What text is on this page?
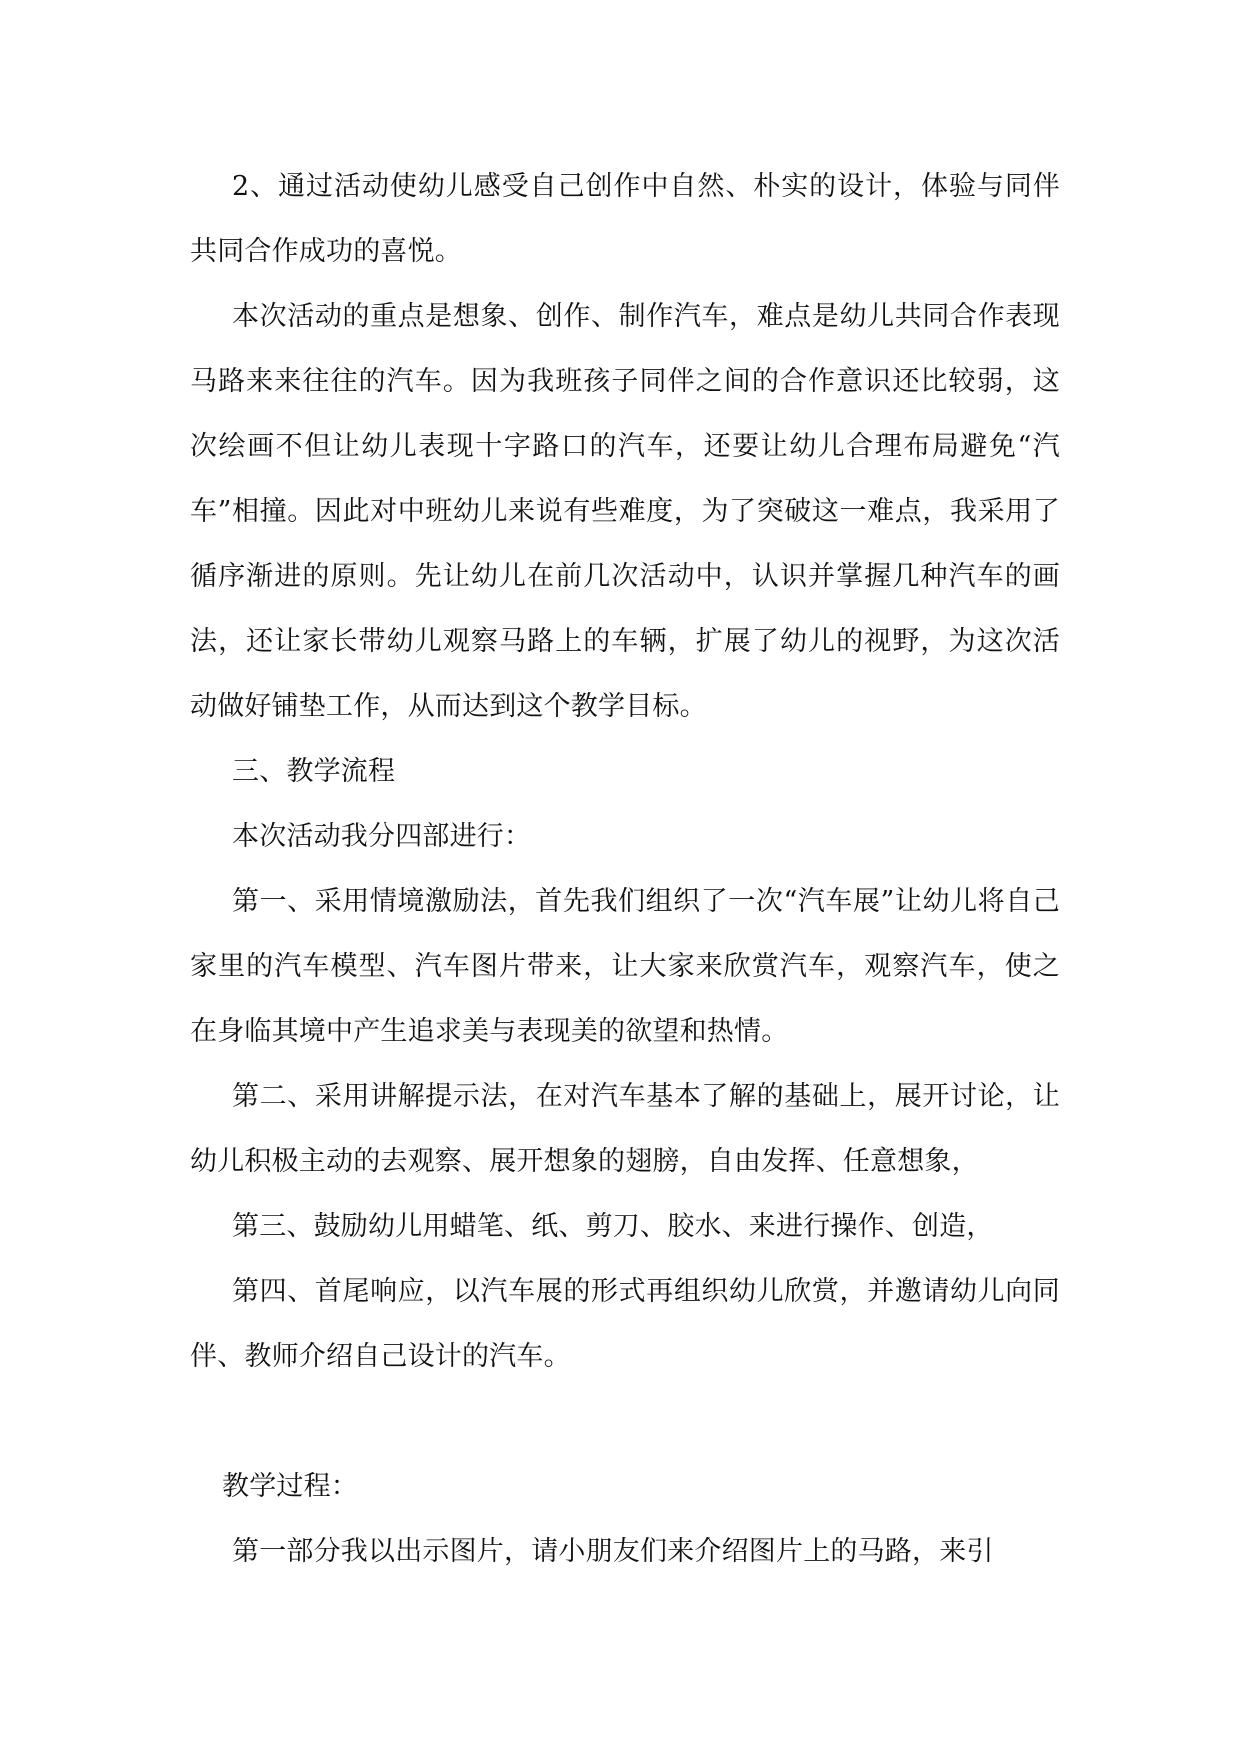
2、通过活动使幼儿感受自己创作中自然、朴实的设计，体验与同伴共同合作成功的喜悦。

本次活动的重点是想象、创作、制作汽车，难点是幼儿共同合作表现马路来来往往的汽车。因为我班孩子同伴之间的合作意识还比较弱，这次绘画不但让幼儿表现十字路口的汽车，还要让幼儿合理布局避免“汽车”相撞。因此对中班幼儿来说有些难度，为了突破这一难点，我采用了循序渐进的原则。先让幼儿在前几次活动中，认识并掌握几种汽车的画法，还让家长带幼儿观察马路上的车辆，扩展了幼儿的视野，为这次活动做好铺垫工作，从而达到这个教学目标。

三、教学流程

本次活动我分四部进行：

第一、采用情境激励法，首先我们组织了一次“汽车展”让幼儿将自己家里的汽车模型、汽车图片带来，让大家来欣赏汽车，观察汽车，使之在身临其境中产生追求美与表现美的欲望和热情。

第二、采用讲解提示法，在对汽车基本了解的基础上，展开讨论，让幼儿积极主动的去观察、展开想象的翅膀，自由发挥、任意想象，

第三、鼓励幼儿用蜡笔、纸、剪刀、胶水、来进行操作、创造，

第四、首尾响应，以汽车展的形式再组织幼儿欣赏，并邀请幼儿向同伴、教师介绍自己设计的汽车。

教学过程：

第一部分我以出示图片，请小朋友们来介绍图片上的马路，来引
